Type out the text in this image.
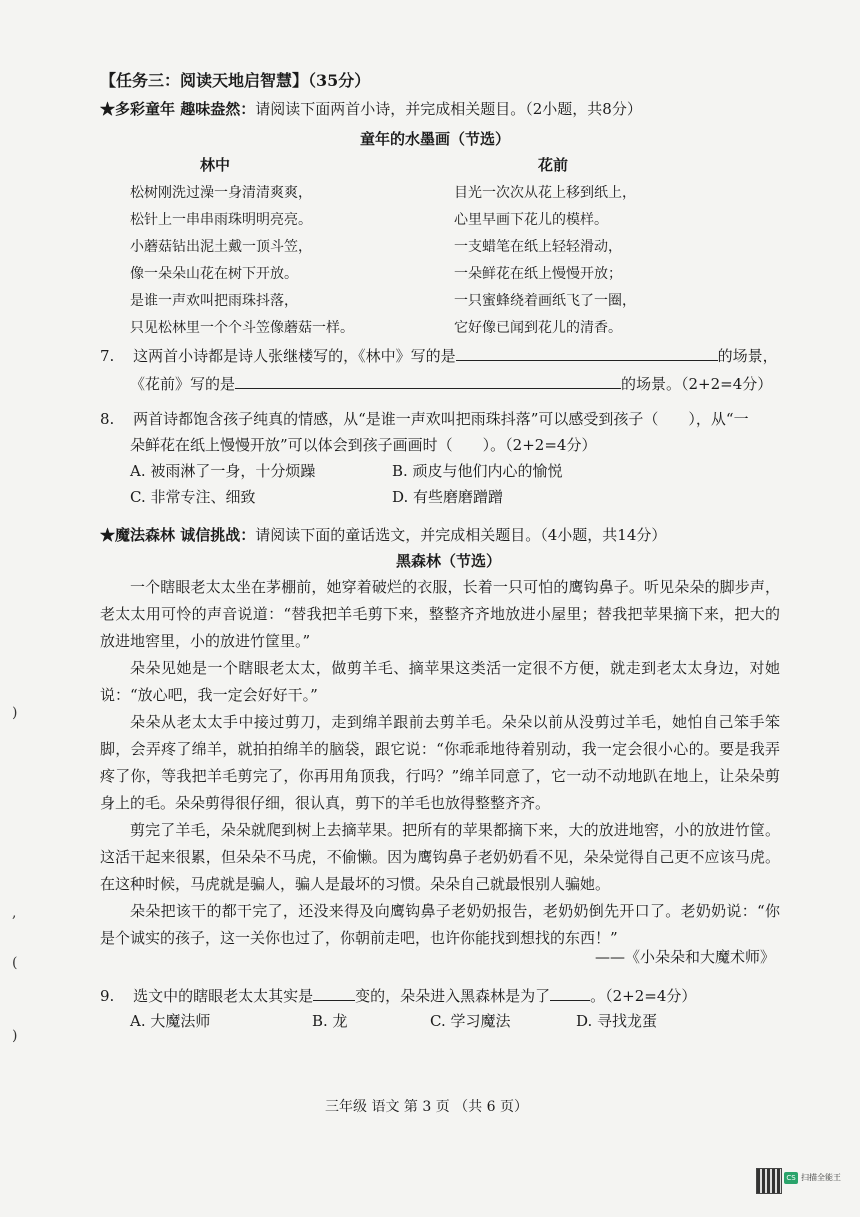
【任务三：阅读天地启智慧】（35分）
★多彩童年 趣味盎然：请阅读下面两首小诗，并完成相关题目。（2小题，共8分）
童年的水墨画（节选）
林中
松树刚洗过澡一身清清爽爽，
松针上一串串雨珠明明亮亮。
小蘑菇钻出泥土戴一顶斗笠，
像一朵朵山花在树下开放。
是谁一声欢叫把雨珠抖落，
只见松林里一个个斗笠像蘑菇一样。
花前
目光一次次从花上移到纸上，
心里早画下花儿的模样。
一支蜡笔在纸上轻轻滑动，
一朵鲜花在纸上慢慢开放；
一只蜜蜂绕着画纸飞了一圈，
它好像已闻到花儿的清香。
7. 这两首小诗都是诗人张继楼写的，《林中》写的是	的场景，
《花前》写的是	的场景。（2+2=4分）
8. 两首诗都饱含孩子纯真的情感，从“是谁一声欢叫把雨珠抖落”可以感受到孩子（　　），从“一
朵鲜花在纸上慢慢开放”可以体会到孩子画画时（　　）。（2+2=4分）
A. 被雨淋了一身，十分烦躁	B. 顽皮与他们内心的愉悦
C. 非常专注、细致	D. 有些磨磨蹭蹭
★魔法森林 诚信挑战：请阅读下面的童话选文，并完成相关题目。（4小题，共14分）
黑森林（节选）
一个瞎眼老太太坐在茅棚前，她穿着破烂的衣服，长着一只可怕的鹰钩鼻子。听见朵朵的脚步声，老太太用可怜的声音说道：“替我把羊毛剪下来，整整齐齐地放进小屋里；替我把苹果摘下来，把大的放进地窖里，小的放进竹筐里。”
朵朵见她是一个瞎眼老太太，做剪羊毛、摘苹果这类活一定很不方便，就走到老太太身边，对她说：“放心吧，我一定会好好干。”
朵朵从老太太手中接过剪刀，走到绵羊跟前去剪羊毛。朵朵以前从没剪过羊毛，她怕自己笨手笨脚，会弄疼了绵羊，就拍拍绵羊的脑袋，跟它说：“你乖乖地待着别动，我一定会很小心的。要是我弄疼了你，等我把羊毛剪完了，你再用角顶我，行吗？”绵羊同意了，它一动不动地趴在地上，让朵朵剪身上的毛。朵朵剪得很仔细，很认真，剪下的羊毛也放得整整齐齐。
剪完了羊毛，朵朵就爬到树上去摘苹果。把所有的苹果都摘下来，大的放进地窖，小的放进竹筐。这活干起来很累，但朵朵不马虎，不偷懒。因为鹰钩鼻子老奶奶看不见，朵朵觉得自己更不应该马虎。在这种时候，马虎就是骗人，骗人是最坏的习惯。朵朵自己就最恨别人骗她。
朵朵把该干的都干完了，还没来得及向鹰钩鼻子老奶奶报告，老奶奶倒先开口了。老奶奶说：“你是个诚实的孩子，这一关你也过了，你朝前走吧，也许你能找到想找的东西！”
——《小朵朵和大魔术师》
9. 选文中的瞎眼老太太其实是	变的，朵朵进入黑森林是为了	。（2+2=4分）
A. 大魔法师	B. 龙	C. 学习魔法	D. 寻找龙蛋
三年级 语文 第 3 页 （共 6 页）
)
,
(
)
CS 扫描全能王
